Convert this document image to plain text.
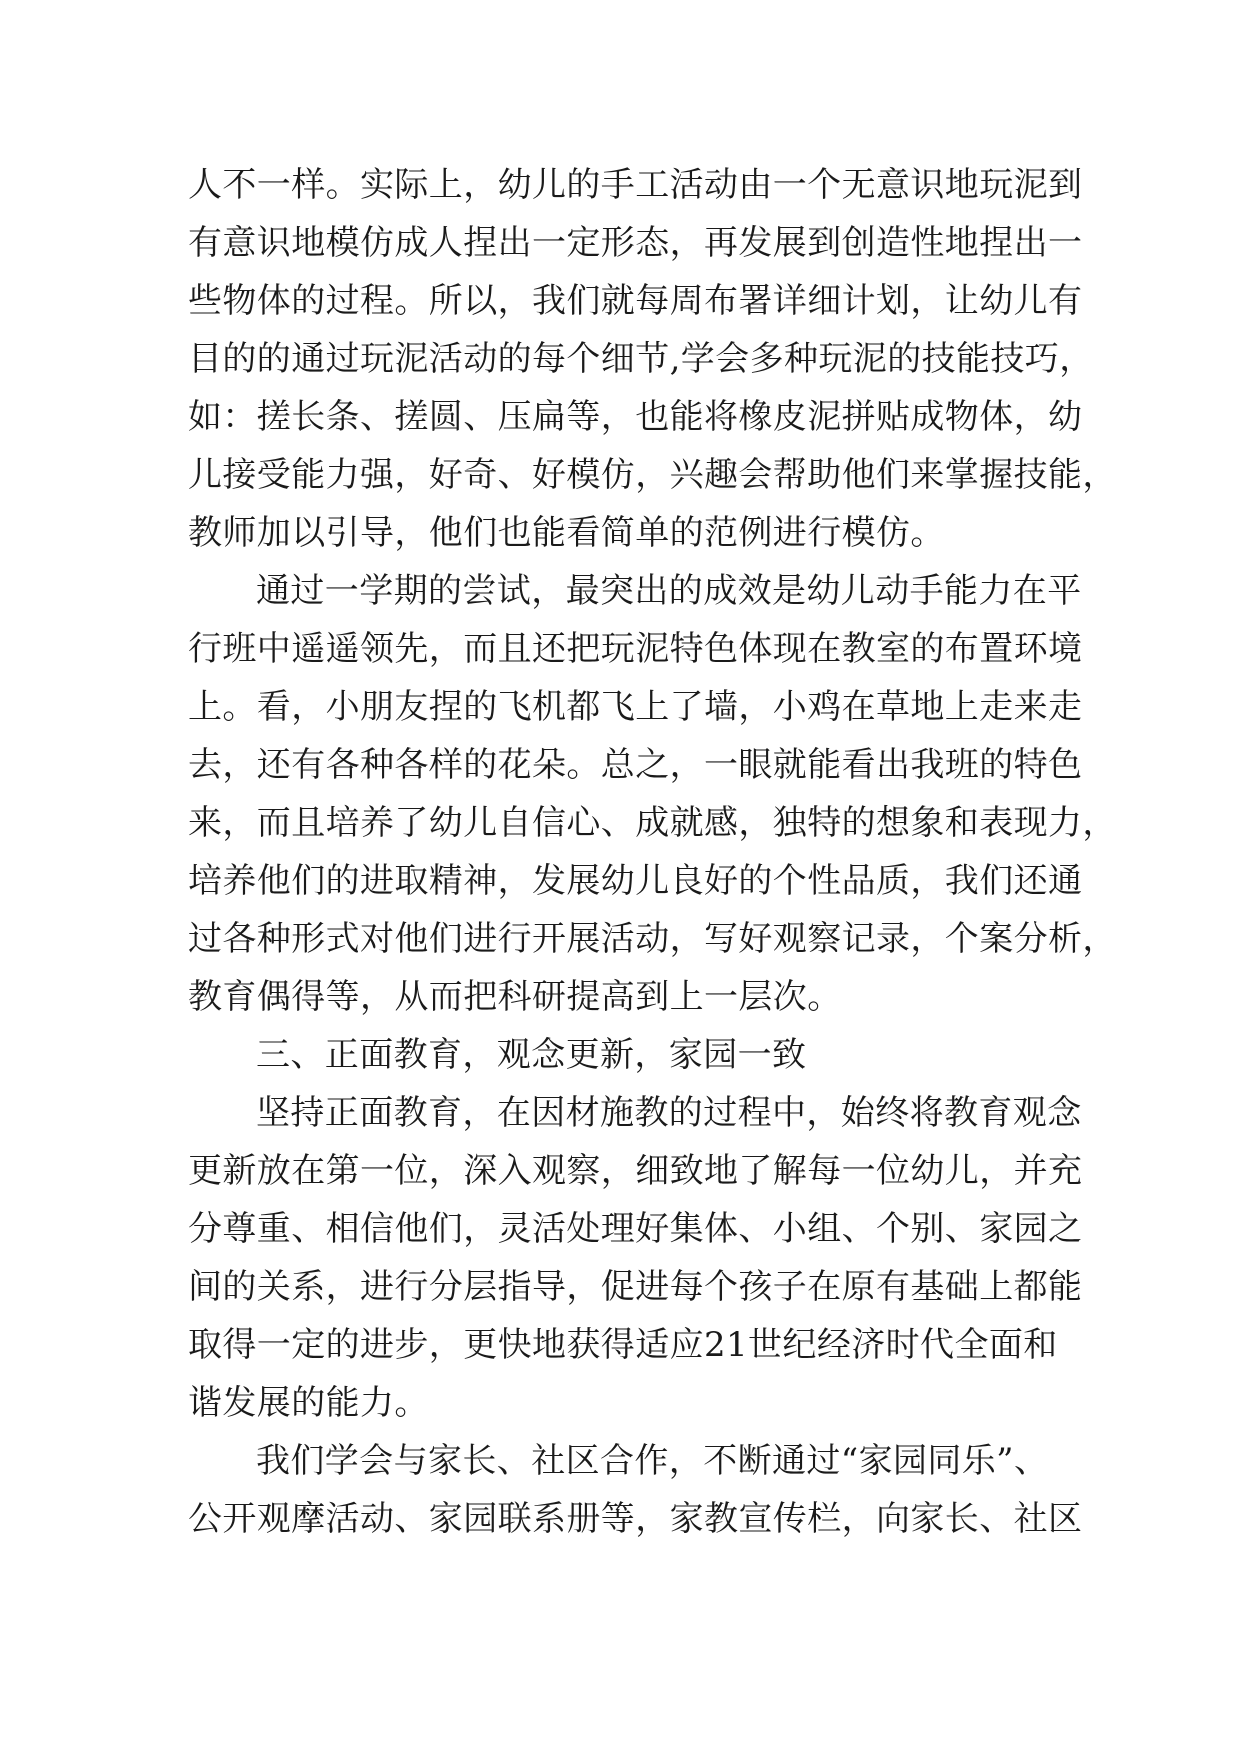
人不一样。实际上，幼儿的手工活动由一个无意识地玩泥到
有意识地模仿成人捏出一定形态，再发展到创造性地捏出一
些物体的过程。所以，我们就每周布署详细计划，让幼儿有
目的的通过玩泥活动的每个细节,学会多种玩泥的技能技巧，
如：搓长条、搓圆、压扁等，也能将橡皮泥拼贴成物体，幼
儿接受能力强，好奇、好模仿，兴趣会帮助他们来掌握技能，
教师加以引导，他们也能看简单的范例进行模仿。
通过一学期的尝试，最突出的成效是幼儿动手能力在平
行班中遥遥领先，而且还把玩泥特色体现在教室的布置环境
上。看，小朋友捏的飞机都飞上了墙，小鸡在草地上走来走
去，还有各种各样的花朵。总之，一眼就能看出我班的特色
来，而且培养了幼儿自信心、成就感，独特的想象和表现力，
培养他们的进取精神，发展幼儿良好的个性品质，我们还通
过各种形式对他们进行开展活动，写好观察记录，个案分析，
教育偶得等，从而把科研提高到上一层次。
三、正面教育，观念更新，家园一致
坚持正面教育，在因材施教的过程中，始终将教育观念
更新放在第一位，深入观察，细致地了解每一位幼儿，并充
分尊重、相信他们，灵活处理好集体、小组、个别、家园之
间的关系，进行分层指导，促进每个孩子在原有基础上都能
取得一定的进步，更快地获得适应21世纪经济时代全面和
谐发展的能力。
我们学会与家长、社区合作，不断通过“家园同乐”、
公开观摩活动、家园联系册等，家教宣传栏，向家长、社区
